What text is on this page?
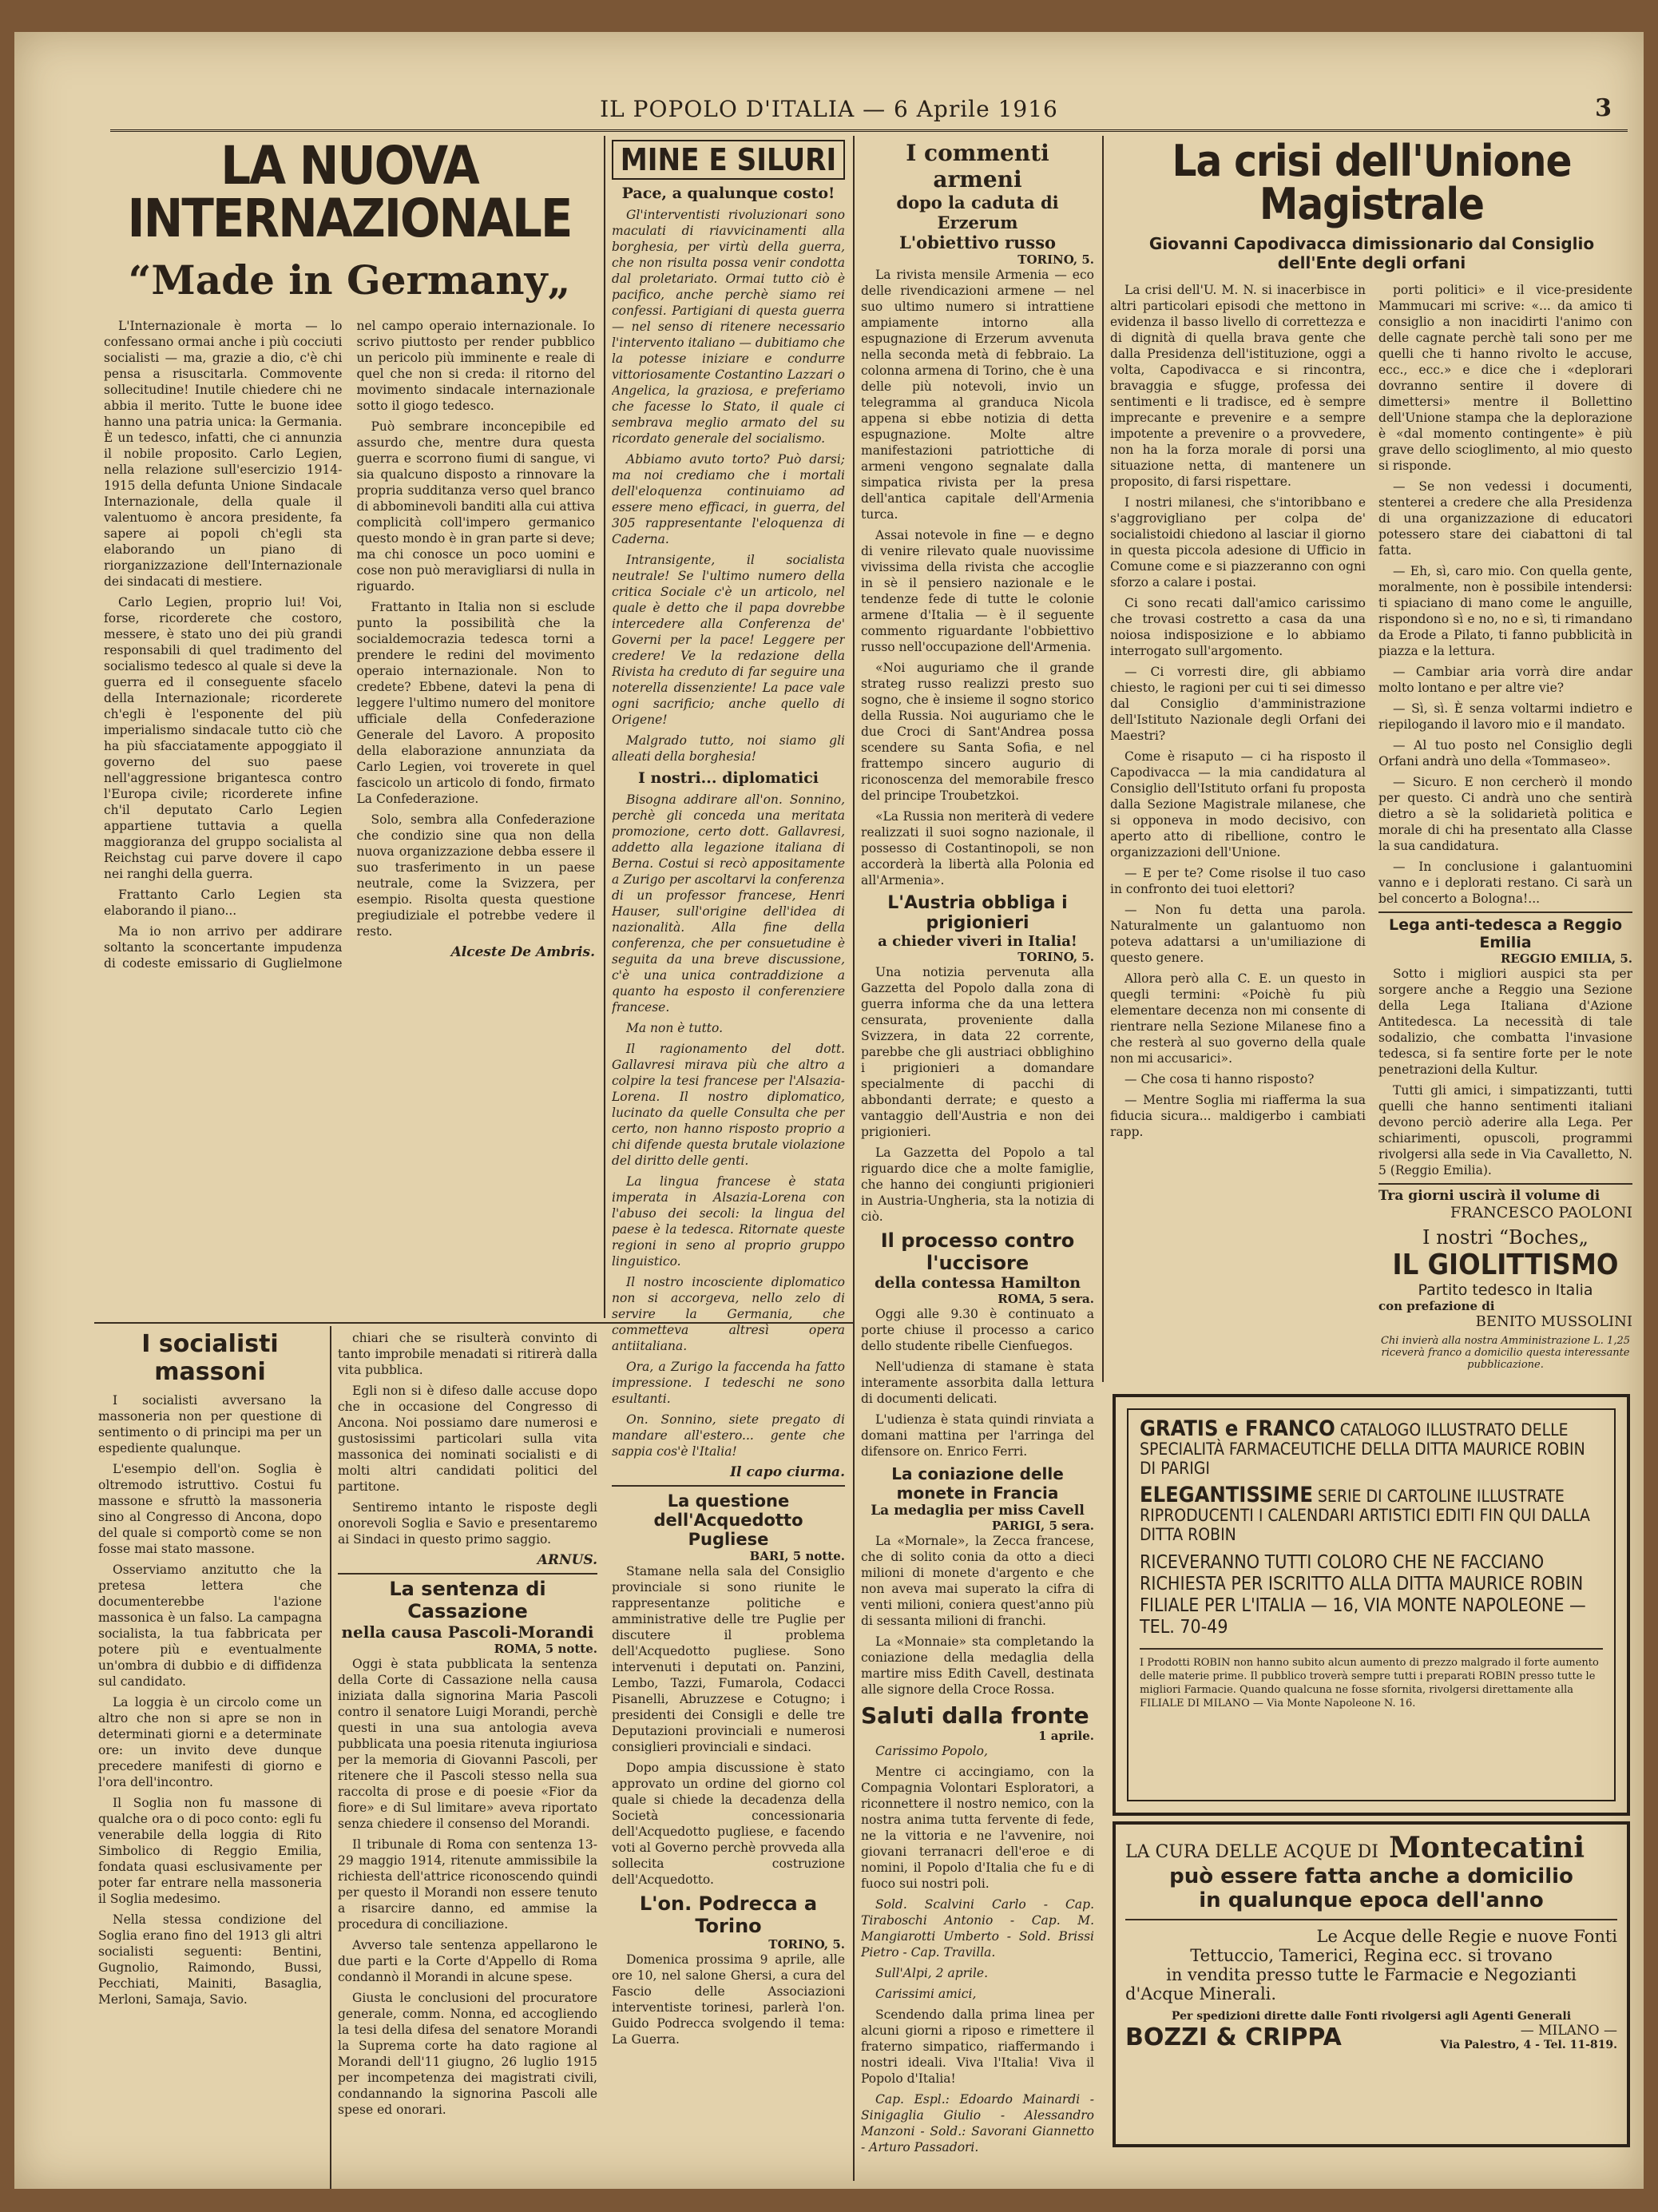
IL POPOLO D'ITALIA — 6 Aprile 1916	3
LA NUOVA INTERNAZIONALE
“Made in Germany„

L'Internazionale è morta — lo confessano ormai anche i più cocciuti socialisti — ma, grazie a dio, c'è chi pensa a risuscitarla. Commovente sollecitudine! Inutile chiedere chi ne abbia il merito. Tutte le buone idee hanno una patria unica: la Germania. È un tedesco, infatti, che ci annunzia il nobile proposito. Carlo Legien, nella relazione sull'esercizio 1914-1915 della defunta Unione Sindacale Internazionale, della quale il valentuomo è ancora presidente, fa sapere ai popoli ch'egli sta elaborando un piano di riorganizzazione dell'Internazionale dei sindacati di mestiere.

Carlo Legien, proprio lui! Voi, forse, ricorderete che costoro, messere, è stato uno dei più grandi responsabili di quel tradimento del socialismo tedesco al quale si deve la guerra ed il conseguente sfacelo della Internazionale; ricorderete ch'egli è l'esponente del più imperialismo sindacale tutto ciò che ha più sfacciatamente appoggiato il governo del suo paese nell'aggressione brigantesca contro l'Europa civile; ricorderete infine ch'il deputato Carlo Legien appartiene tuttavia a quella maggioranza del gruppo socialista al Reichstag cui parve dovere il capo nei ranghi della guerra.

Frattanto Carlo Legien sta elaborando il piano...

Ma io non arrivo per addirare soltanto la sconcertante impudenza di codeste emissario di Guglielmone nel campo operaio internazionale. Io scrivo piuttosto per render pubblico un pericolo più imminente e reale di quel che non si creda: il ritorno del movimento sindacale internazionale sotto il giogo tedesco.

Può sembrare inconcepibile ed assurdo che, mentre dura questa guerra e scorrono fiumi di sangue, vi sia qualcuno disposto a rinnovare la propria sudditanza verso quel branco di abbominevoli banditi alla cui attiva complicità coll'impero germanico questo mondo è in gran parte si deve; ma chi conosce un poco uomini e cose non può meravigliarsi di nulla in riguardo.

Frattanto in Italia non si esclude punto la possibilità che la socialdemocrazia tedesca torni a prendere le redini del movimento operaio internazionale. Non to credete? Ebbene, datevi la pena di leggere l'ultimo numero del monitore ufficiale della Confederazione Generale del Lavoro. A proposito della elaborazione annunziata da Carlo Legien, voi troverete in quel fascicolo un articolo di fondo, firmato La Confederazione.

Solo, sembra alla Confederazione che condizio sine qua non della nuova organizzazione debba essere il suo trasferimento in un paese neutrale, come la Svizzera, per esempio. Risolta questa questione pregiudiziale el potrebbe vedere il resto.

Alceste De Ambris.

MINE E SILURI
Pace, a qualunque costo!

Gl'interventisti rivoluzionari sono maculati di riavvicinamenti alla borghesia, per virtù della guerra, che non risulta possa venir condotta dal proletariato. Ormai tutto ciò è pacifico, anche perchè siamo rei confessi. Partigiani di questa guerra — nel senso di ritenere necessario l'intervento italiano — dubitiamo che la potesse iniziare e condurre vittoriosamente Costantino Lazzari o Angelica, la graziosa, e preferiamo che facesse lo Stato, il quale ci sembrava meglio armato del su ricordato generale del socialismo.

Abbiamo avuto torto? Può darsi; ma noi crediamo che i mortali dell'eloquenza continuiamo ad essere meno efficaci, in guerra, del 305 rappresentante l'eloquenza di Caderna.

Intransigente, il socialista neutrale! Se l'ultimo numero della critica Sociale c'è un articolo, nel quale è detto che il papa dovrebbe intercedere alla Conferenza de' Governi per la pace! Leggere per credere! Ve la redazione della Rivista ha creduto di far seguire una noterella dissenziente! La pace vale ogni sacrificio; anche quello di Origene!

Malgrado tutto, noi siamo gli alleati della borghesia!

I nostri... diplomatici

Bisogna addirare all'on. Sonnino, perchè gli conceda una meritata promozione, certo dott. Gallavresi, addetto alla legazione italiana di Berna. Costui si recò appositamente a Zurigo per ascoltarvi la conferenza di un professor francese, Henri Hauser, sull'origine dell'idea di nazionalità. Alla fine della conferenza, che per consuetudine è seguita da una breve discussione, c'è una unica contraddizione a quanto ha esposto il conferenziere francese.

Ma non è tutto.

Il ragionamento del dott. Gallavresi mirava più che altro a colpire la tesi francese per l'Alsazia-Lorena. Il nostro diplomatico, lucinato da quelle Consulta che per certo, non hanno risposto proprio a chi difende questa brutale violazione del diritto delle genti.

La lingua francese è stata imperata in Alsazia-Lorena con l'abuso dei secoli: la lingua del paese è la tedesca. Ritornate queste regioni in seno al proprio gruppo linguistico.

Il nostro incosciente diplomatico non si accorgeva, nello zelo di servire la Germania, che commetteva altresì opera antiitaliana.

Ora, a Zurigo la faccenda ha fatto impressione. I tedeschi ne sono esultanti.

On. Sonnino, siete pregato di mandare all'estero... gente che sappia cos'è l'Italia!

Il capo ciurma.

La questione dell'Acquedotto Pugliese
BARI, 5 notte.

Stamane nella sala del Consiglio provinciale si sono riunite le rappresentanze politiche e amministrative delle tre Puglie per discutere il problema dell'Acquedotto pugliese. Sono intervenuti i deputati on. Panzini, Lembo, Tazzi, Fumarola, Codacci Pisanelli, Abruzzese e Cotugno; i presidenti dei Consigli e delle tre Deputazioni provinciali e numerosi consiglieri provinciali e sindaci.

Dopo ampia discussione è stato approvato un ordine del giorno col quale si chiede la decadenza della Società concessionaria dell'Acquedotto pugliese, e facendo voti al Governo perchè provveda alla sollecita costruzione dell'Acquedotto.

L'on. Podrecca a Torino
TORINO, 5.

Domenica prossima 9 aprile, alle ore 10, nel salone Ghersi, a cura del Fascio delle Associazioni interventiste torinesi, parlerà l'on. Guido Podrecca svolgendo il tema: La Guerra.

I commenti armeni
dopo la caduta di Erzerum
L'obiettivo russo
TORINO, 5.

La rivista mensile Armenia — eco delle rivendicazioni armene — nel suo ultimo numero si intrattiene ampiamente intorno alla espugnazione di Erzerum avvenuta nella seconda metà di febbraio. La colonna armena di Torino, che è una delle più notevoli, invio un telegramma al granduca Nicola appena si ebbe notizia di detta espugnazione. Molte altre manifestazioni patriottiche di armeni vengono segnalate dalla simpatica rivista per la presa dell'antica capitale dell'Armenia turca.

Assai notevole in fine — e degno di venire rilevato quale nuovissime vivissima della rivista che accoglie in sè il pensiero nazionale e le tendenze fede di tutte le colonie armene d'Italia — è il seguente commento riguardante l'obbiettivo russo nell'occupazione dell'Armenia.

«Noi auguriamo che il grande strateg russo realizzi presto suo sogno, che è insieme il sogno storico della Russia. Noi auguriamo che le due Croci di Sant'Andrea possa scendere su Santa Sofia, e nel frattempo sincero augurio di riconoscenza del memorabile fresco del principe Troubetzkoi.

«La Russia non meriterà di vedere realizzati il suoi sogno nazionale, il possesso di Costantinopoli, se non accorderà la libertà alla Polonia ed all'Armenia».

L'Austria obbliga i prigionieri
a chieder viveri in Italia!
TORINO, 5.

Una notizia pervenuta alla Gazzetta del Popolo dalla zona di guerra informa che da una lettera censurata, proveniente dalla Svizzera, in data 22 corrente, parebbe che gli austriaci obblighino i prigionieri a domandare specialmente di pacchi di abbondanti derrate; e questo a vantaggio dell'Austria e non dei prigionieri.

La Gazzetta del Popolo a tal riguardo dice che a molte famiglie, che hanno dei congiunti prigionieri in Austria-Ungheria, sta la notizia di ciò.

Il processo contro l'uccisore
della contessa Hamilton
ROMA, 5 sera.

Oggi alle 9.30 è continuato a porte chiuse il processo a carico dello studente ribelle Cienfuegos.

Nell'udienza di stamane è stata interamente assorbita dalla lettura di documenti delicati.

L'udienza è stata quindi rinviata a domani mattina per l'arringa del difensore on. Enrico Ferri.

La coniazione delle monete in Francia
La medaglia per miss Cavell
PARIGI, 5 sera.

La «Mornale», la Zecca francese, che di solito conia da otto a dieci milioni di monete d'argento e che non aveva mai superato la cifra di venti milioni, coniera quest'anno più di sessanta milioni di franchi.

La «Monnaie» sta completando la coniazione della medaglia della martire miss Edith Cavell, destinata alle signore della Croce Rossa.

Saluti dalla fronte
1 aprile.

Carissimo Popolo,

Mentre ci accingiamo, con la Compagnia Volontari Esploratori, a riconnettere il nostro nemico, con la nostra anima tutta fervente di fede, ne la vittoria e ne l'avvenire, noi giovani terranacri dell'eroe e di nomini, il Popolo d'Italia che fu e di fuoco sui nostri poli.

Sold. Scalvini Carlo - Cap. Tiraboschi Antonio - Cap. M. Mangiarotti Umberto - Sold. Brissi Pietro - Cap. Travilla.

Sull'Alpi, 2 aprile.

Carissimi amici,

Scendendo dalla prima linea per alcuni giorni a riposo e rimettere il fraterno simpatico, riaffermando i nostri ideali. Viva l'Italia! Viva il Popolo d'Italia!

Cap. Espl.: Edoardo Mainardi - Sinigaglia Giulio - Alessandro Manzoni - Sold.: Savorani Giannetto - Arturo Passadori.

La crisi dell'Unione Magistrale
Giovanni Capodivacca dimissionario dal Consiglio dell'Ente degli orfani

La crisi dell'U. M. N. si inacerbisce in altri particolari episodi che mettono in evidenza il basso livello di correttezza e di dignità di quella brava gente che dalla Presidenza dell'istituzione, oggi a volta, Capodivacca e si rincontra, bravaggia e sfugge, professa dei sentimenti e li tradisce, ed è sempre imprecante e prevenire e a sempre impotente a prevenire o a provvedere, non ha la forza morale di porsi una situazione netta, di mantenere un proposito, di farsi rispettare.

I nostri milanesi, che s'intoribbano e s'aggrovigliano per colpa de' socialistoidi chiedono al lasciar il giorno in questa piccola adesione di Ufficio in Comune come e si piazzeranno con ogni sforzo a calare i postai.

Ci sono recati dall'amico carissimo che trovasi costretto a casa da una noiosa indisposizione e lo abbiamo interrogato sull'argomento.

— Ci vorresti dire, gli abbiamo chiesto, le ragioni per cui ti sei dimesso dal Consiglio d'amministrazione dell'Istituto Nazionale degli Orfani dei Maestri?

Come è risaputo — ci ha risposto il Capodivacca — la mia candidatura al Consiglio dell'Istituto orfani fu proposta dalla Sezione Magistrale milanese, che si opponeva in modo decisivo, con aperto atto di ribellione, contro le organizzazioni dell'Unione.

— E per te? Come risolse il tuo caso in confronto dei tuoi elettori?

— Non fu detta una parola. Naturalmente un galantuomo non poteva adattarsi a un'umiliazione di questo genere.

Allora però alla C. E. un questo in quegli termini: «Poichè fu più elementare decenza non mi consente di rientrare nella Sezione Milanese fino a che resterà al suo governo della quale non mi accusarici».

— Che cosa ti hanno risposto?

— Mentre Soglia mi riafferma la sua fiducia sicura... maldigerbo i cambiati rapp.

porti politici» e il vice-presidente Mammucari mi scrive: «... da amico ti consiglio a non inacidirti l'animo con delle cagnate perchè tali sono per me quelli che ti hanno rivolto le accuse, ecc., ecc.» e dice che i «deplorari dovranno sentire il dovere di dimettersi» mentre il Bollettino dell'Unione stampa che la deplorazione è «dal momento contingente» è più grave dello scioglimento, al mio questo si risponde.

— Se non vedessi i documenti, stenterei a credere che alla Presidenza di una organizzazione di educatori potessero stare dei ciabattoni di tal fatta.

— Eh, sì, caro mio. Con quella gente, moralmente, non è possibile intendersi: ti spiaciano di mano come le anguille, rispondono sì e no, no e sì, ti rimandano da Erode a Pilato, ti fanno pubblicità in piazza e la lettura.

— Cambiar aria vorrà dire andar molto lontano e per altre vie?

— Sì, sì. È senza voltarmi indietro e riepilogando il lavoro mio e il mandato.

— Al tuo posto nel Consiglio degli Orfani andrà uno della «Tommaseo».

— Sicuro. E non cercherò il mondo per questo. Ci andrà uno che sentirà dietro a sè la solidarietà politica e morale di chi ha presentato alla Classe la sua candidatura.

— In conclusione i galantuomini vanno e i deplorati restano. Ci sarà un bel concerto a Bologna!...

Lega anti-tedesca a Reggio Emilia
REGGIO EMILIA, 5.

Sotto i migliori auspici sta per sorgere anche a Reggio una Sezione della Lega Italiana d'Azione Antitedesca. La necessità di tale sodalizio, che combatta l'invasione tedesca, si fa sentire forte per le note penetrazioni della Kultur.

Tutti gli amici, i simpatizzanti, tutti quelli che hanno sentimenti italiani devono perciò aderire alla Lega. Per schiarimenti, opuscoli, programmi rivolgersi alla sede in Via Cavalletto, N. 5 (Reggio Emilia).

Tra giorni uscirà il volume di
FRANCESCO PAOLONI
I nostri “Boches„
IL GIOLITTISMO
Partito tedesco in Italia
con prefazione di
BENITO MUSSOLINI
Chi invierà alla nostra Amministrazione L. 1,25 riceverà franco a domicilio questa interessante pubblicazione.
GRATIS e FRANCO CATALOGO ILLUSTRATO DELLE SPECIALITÀ FARMACEUTICHE DELLA DITTA MAURICE ROBIN DI PARIGI
ELEGANTISSIME SERIE DI CARTOLINE ILLUSTRATE RIPRODUCENTI I CALENDARI ARTISTICI EDITI FIN QUI DALLA DITTA ROBIN
RICEVERANNO TUTTI COLORO CHE NE FACCIANO RICHIESTA PER ISCRITTO ALLA DITTA MAURICE ROBIN FILIALE PER L'ITALIA — 16, VIA MONTE NAPOLEONE — TEL. 70-49
I Prodotti ROBIN non hanno subito alcun aumento di prezzo malgrado il forte aumento delle materie prime. Il pubblico troverà sempre tutti i preparati ROBIN presso tutte le migliori Farmacie. Quando qualcuna ne fosse sfornita, rivolgersi direttamente alla FILIALE DI MILANO — Via Monte Napoleone N. 16.
LA CURA DELLE ACQUE DI Montecatini
può essere fatta anche a domicilio
in qualunque epoca dell'anno
Le Acque delle Regie e nuove Fonti
Tettuccio, Tamerici, Regina ecc. si trovano
in vendita presso tutte le Farmacie e Negozianti
d'Acque Minerali.
Per spedizioni dirette dalle Fonti rivolgersi agli Agenti Generali
BOZZI & CRIPPA	— MILANO —
Via Palestro, 4 - Tel. 11-819.
I socialisti massoni

I socialisti avversano la massoneria non per questione di sentimento o di principi ma per un espediente qualunque.

L'esempio dell'on. Soglia è oltremodo istruttivo. Costui fu massone e sfruttò la massoneria sino al Congresso di Ancona, dopo del quale si comportò come se non fosse mai stato massone.

Osserviamo anzitutto che la pretesa lettera che documenterebbe l'azione massonica è un falso. La campagna socialista, la tua fabbricata per potere più e eventualmente un'ombra di dubbio e di diffidenza sul candidato.

La loggia è un circolo come un altro che non si apre se non in determinati giorni e a determinate ore: un invito deve dunque precedere manifesti di giorno e l'ora dell'incontro.

Il Soglia non fu massone di qualche ora o di poco conto: egli fu venerabile della loggia di Rito Simbolico di Reggio Emilia, fondata quasi esclusivamente per poter far entrare nella massoneria il Soglia medesimo.

Nella stessa condizione del Soglia erano fino del 1913 gli altri socialisti seguenti: Bentini, Gugnolio, Raimondo, Bussi, Pecchiati, Mainiti, Basaglia, Merloni, Samaja, Savio.

chiari che se risulterà convinto di tanto improbile menadati si ritirerà dalla vita pubblica.

Egli non si è difeso dalle accuse dopo che in occasione del Congresso di Ancona. Noi possiamo dare numerosi e gustosissimi particolari sulla vita massonica dei nominati socialisti e di molti altri candidati politici del partitone.

Sentiremo intanto le risposte degli onorevoli Soglia e Savio e presentaremo ai Sindaci in questo primo saggio.

ARNUS.

La sentenza di Cassazione
nella causa Pascoli-Morandi
ROMA, 5 notte.

Oggi è stata pubblicata la sentenza della Corte di Cassazione nella causa iniziata dalla signorina Maria Pascoli contro il senatore Luigi Morandi, perchè questi in una sua antologia aveva pubblicata una poesia ritenuta ingiuriosa per la memoria di Giovanni Pascoli, per ritenere che il Pascoli stesso nella sua raccolta di prose e di poesie «Fior da fiore» e di Sul limitare» aveva riportato senza chiedere il consenso del Morandi.

Il tribunale di Roma con sentenza 13-29 maggio 1914, ritenute ammissibile la richiesta dell'attrice riconoscendo quindi per questo il Morandi non essere tenuto a risarcire danno, ed ammise la procedura di conciliazione.

Avverso tale sentenza appellarono le due parti e la Corte d'Appello di Roma condannò il Morandi in alcune spese.

Giusta le conclusioni del procuratore generale, comm. Nonna, ed accogliendo la tesi della difesa del senatore Morandi la Suprema corte ha dato ragione al Morandi dell'11 giugno, 26 luglio 1915 per incompetenza dei magistrati civili, condannando la signorina Pascoli alle spese ed onorari.
